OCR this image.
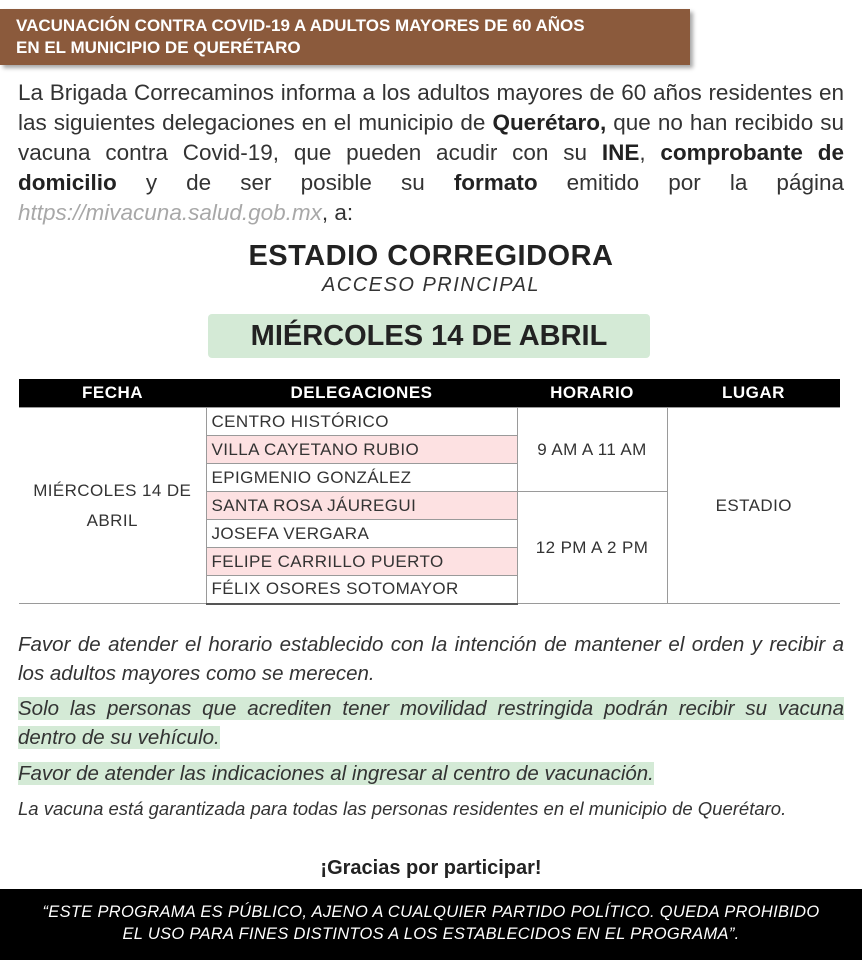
VACUNACIÓN CONTRA COVID-19 A ADULTOS MAYORES DE 60 AÑOS
EN EL MUNICIPIO DE QUERÉTARO
La Brigada Correcaminos informa a los adultos mayores de 60 años residentes en las siguientes delegaciones en el municipio de Querétaro, que no han recibido su vacuna contra Covid-19, que pueden acudir con su INE, comprobante de domicilio y de ser posible su formato emitido por la página https://mivacuna.salud.gob.mx, a:
ESTADIO CORREGIDORA
ACCESO PRINCIPAL
MIÉRCOLES 14 DE ABRIL
FECHA	DELEGACIONES	HORARIO	LUGAR
MIÉRCOLES 14 DE ABRIL	CENTRO HISTÓRICO	9 AM A 11 AM	ESTADIO
	VILLA CAYETANO RUBIO		
	EPIGMENIO GONZÁLEZ		
	SANTA ROSA JÁUREGUI	12 PM A 2 PM	
	JOSEFA VERGARA		
	FELIPE CARRILLO PUERTO		
	FÉLIX OSORES SOTOMAYOR		
Favor de atender el horario establecido con la intención de mantener el orden y recibir a los adultos mayores como se merecen.
Solo las personas que acrediten tener movilidad restringida podrán recibir su vacuna dentro de su vehículo.
Favor de atender las indicaciones al ingresar al centro de vacunación.
La vacuna está garantizada para todas las personas residentes en el municipio de Querétaro.
¡Gracias por participar!
“ESTE PROGRAMA ES PÚBLICO, AJENO A CUALQUIER PARTIDO POLÍTICO. QUEDA PROHIBIDO
EL USO PARA FINES DISTINTOS A LOS ESTABLECIDOS EN EL PROGRAMA”.
